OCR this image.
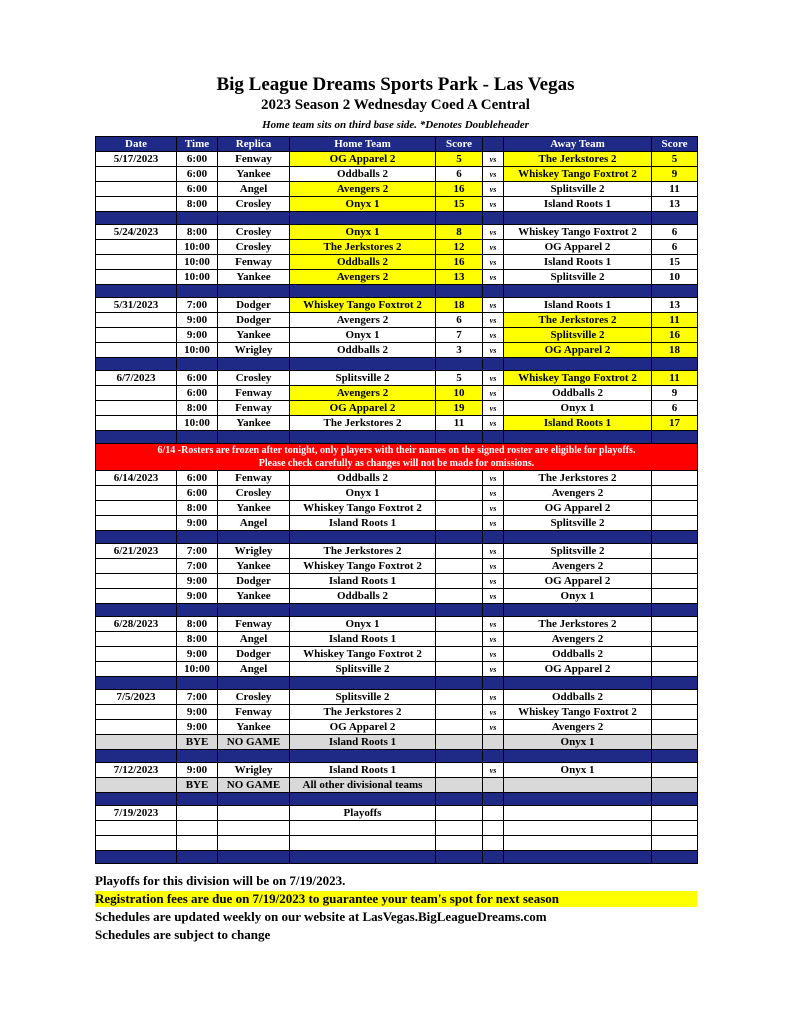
Big League Dreams Sports Park - Las Vegas
2023 Season 2 Wednesday Coed A Central
Home team sits on third base side. *Denotes Doubleheader
Date	Time	Replica	Home Team	Score		Away Team	Score
5/17/2023	6:00	Fenway	OG Apparel 2	5	vs	The Jerkstores 2	5
	6:00	Yankee	Oddballs 2	6	vs	Whiskey Tango Foxtrot 2	9
	6:00	Angel	Avengers 2	16	vs	Splitsville 2	11
	8:00	Crosley	Onyx 1	15	vs	Island Roots 1	13

5/24/2023	8:00	Crosley	Onyx 1	8	vs	Whiskey Tango Foxtrot 2	6
	10:00	Crosley	The Jerkstores 2	12	vs	OG Apparel 2	6
	10:00	Fenway	Oddballs 2	16	vs	Island Roots 1	15
	10:00	Yankee	Avengers 2	13	vs	Splitsville 2	10

5/31/2023	7:00	Dodger	Whiskey Tango Foxtrot 2	18	vs	Island Roots 1	13
	9:00	Dodger	Avengers 2	6	vs	The Jerkstores 2	11
	9:00	Yankee	Onyx 1	7	vs	Splitsville 2	16
	10:00	Wrigley	Oddballs 2	3	vs	OG Apparel 2	18

6/7/2023	6:00	Crosley	Splitsville 2	5	vs	Whiskey Tango Foxtrot 2	11
	6:00	Fenway	Avengers 2	10	vs	Oddballs 2	9
	8:00	Fenway	OG Apparel 2	19	vs	Onyx 1	6
	10:00	Yankee	The Jerkstores 2	11	vs	Island Roots 1	17

6/14 -Rosters are frozen after tonight, only players with their names on the signed roster are eligible for playoffs.
Please check carefully as changes will not be made for omissions.							

6/14/2023	6:00	Fenway	Oddballs 2		vs	The Jerkstores 2	
	6:00	Crosley	Onyx 1		vs	Avengers 2	
	8:00	Yankee	Whiskey Tango Foxtrot 2		vs	OG Apparel 2	
	9:00	Angel	Island Roots 1		vs	Splitsville 2	

6/21/2023	7:00	Wrigley	The Jerkstores 2		vs	Splitsville 2	
	7:00	Yankee	Whiskey Tango Foxtrot 2		vs	Avengers 2	
	9:00	Dodger	Island Roots 1		vs	OG Apparel 2	
	9:00	Yankee	Oddballs 2		vs	Onyx 1	

6/28/2023	8:00	Fenway	Onyx 1		vs	The Jerkstores 2	
	8:00	Angel	Island Roots 1		vs	Avengers 2	
	9:00	Dodger	Whiskey Tango Foxtrot 2		vs	Oddballs 2	
	10:00	Angel	Splitsville 2		vs	OG Apparel 2	

7/5/2023	7:00	Crosley	Splitsville 2		vs	Oddballs 2	
	9:00	Fenway	The Jerkstores 2		vs	Whiskey Tango Foxtrot 2	
	9:00	Yankee	OG Apparel 2		vs	Avengers 2	
	BYE	NO GAME	Island Roots 1			Onyx 1	

7/12/2023	9:00	Wrigley	Island Roots 1		vs	Onyx 1	
	BYE	NO GAME	All other divisional teams				

7/19/2023			Playoffs				

Playoffs for this division will be on 7/19/2023.
Registration fees are due on 7/19/2023 to guarantee your team's spot for next season
Schedules are updated weekly on our website at LasVegas.BigLeagueDreams.com
Schedules are subject to change
